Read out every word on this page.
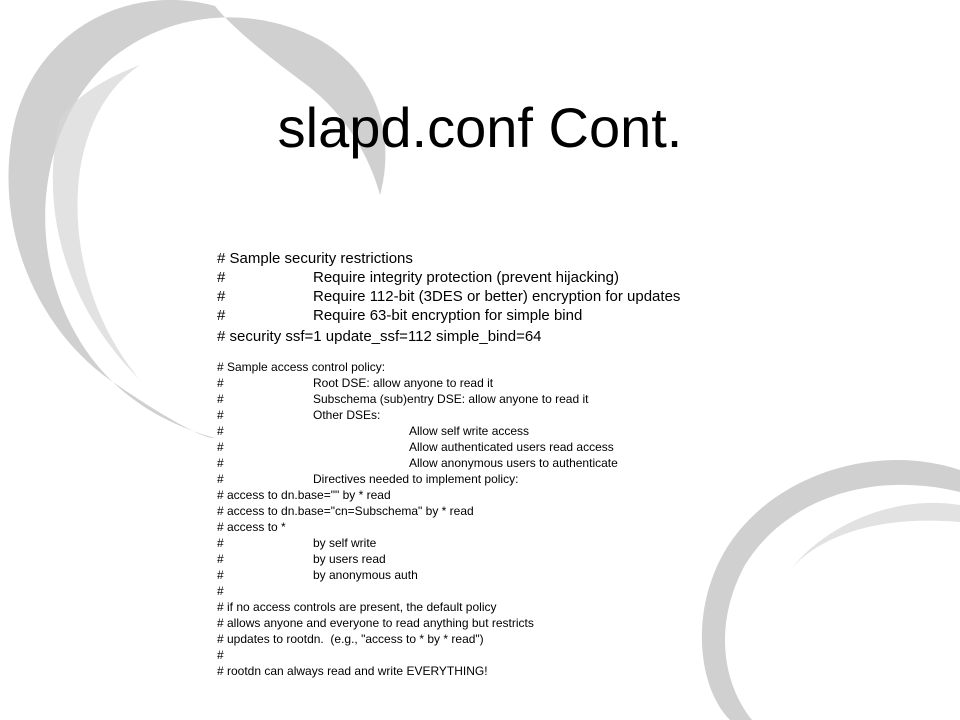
slapd.conf Cont.
# Sample security restrictions
#	Require integrity protection (prevent hijacking)
#	Require 112-bit (3DES or better) encryption for updates
#	Require 63-bit encryption for simple bind
# security ssf=1 update_ssf=112 simple_bind=64
# Sample access control policy:
#	Root DSE: allow anyone to read it
#	Subschema (sub)entry DSE: allow anyone to read it
#	Other DSEs:
#	Allow self write access
#	Allow authenticated users read access
#	Allow anonymous users to authenticate
#	Directives needed to implement policy:
# access to dn.base="" by * read
# access to dn.base="cn=Subschema" by * read
# access to *
#	by self write
#	by users read
#	by anonymous auth
#
# if no access controls are present, the default policy
# allows anyone and everyone to read anything but restricts
# updates to rootdn.  (e.g., "access to * by * read")
#
# rootdn can always read and write EVERYTHING!
